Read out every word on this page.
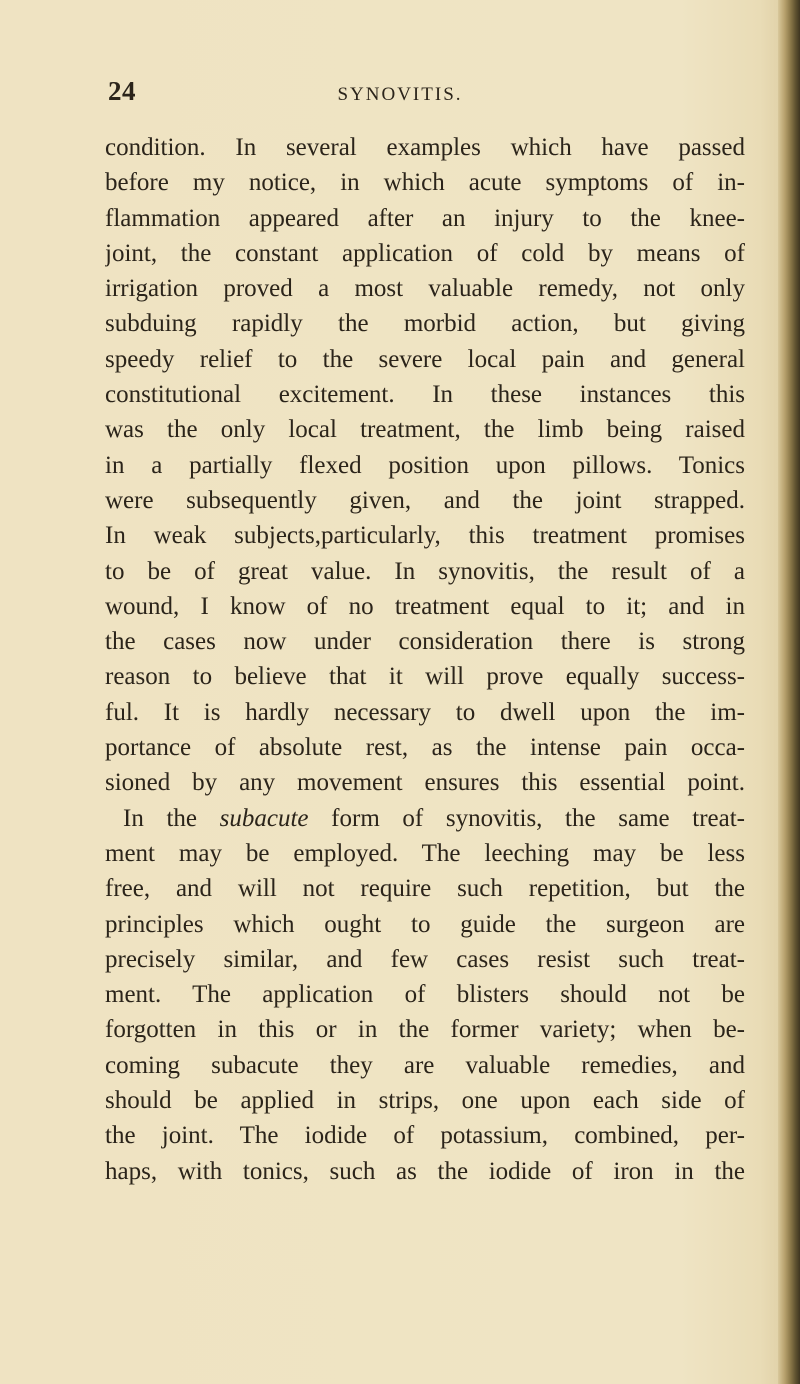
24	SYNOVITIS.
condition. In several examples which have passed
before my notice, in which acute symptoms of in-
flammation appeared after an injury to the knee-
joint, the constant application of cold by means of
irrigation proved a most valuable remedy, not only
subduing rapidly the morbid action, but giving
speedy relief to the severe local pain and general
constitutional excitement. In these instances this
was the only local treatment, the limb being raised
in a partially flexed position upon pillows. Tonics
were subsequently given, and the joint strapped.
In weak subjects,particularly, this treatment promises
to be of great value. In synovitis, the result of a
wound, I know of no treatment equal to it; and in
the cases now under consideration there is strong
reason to believe that it will prove equally success-
ful. It is hardly necessary to dwell upon the im-
portance of absolute rest, as the intense pain occa-
sioned by any movement ensures this essential point.
In the subacute form of synovitis, the same treat-
ment may be employed. The leeching may be less
free, and will not require such repetition, but the
principles which ought to guide the surgeon are
precisely similar, and few cases resist such treat-
ment. The application of blisters should not be
forgotten in this or in the former variety; when be-
coming subacute they are valuable remedies, and
should be applied in strips, one upon each side of
the joint. The iodide of potassium, combined, per-
haps, with tonics, such as the iodide of iron in the
